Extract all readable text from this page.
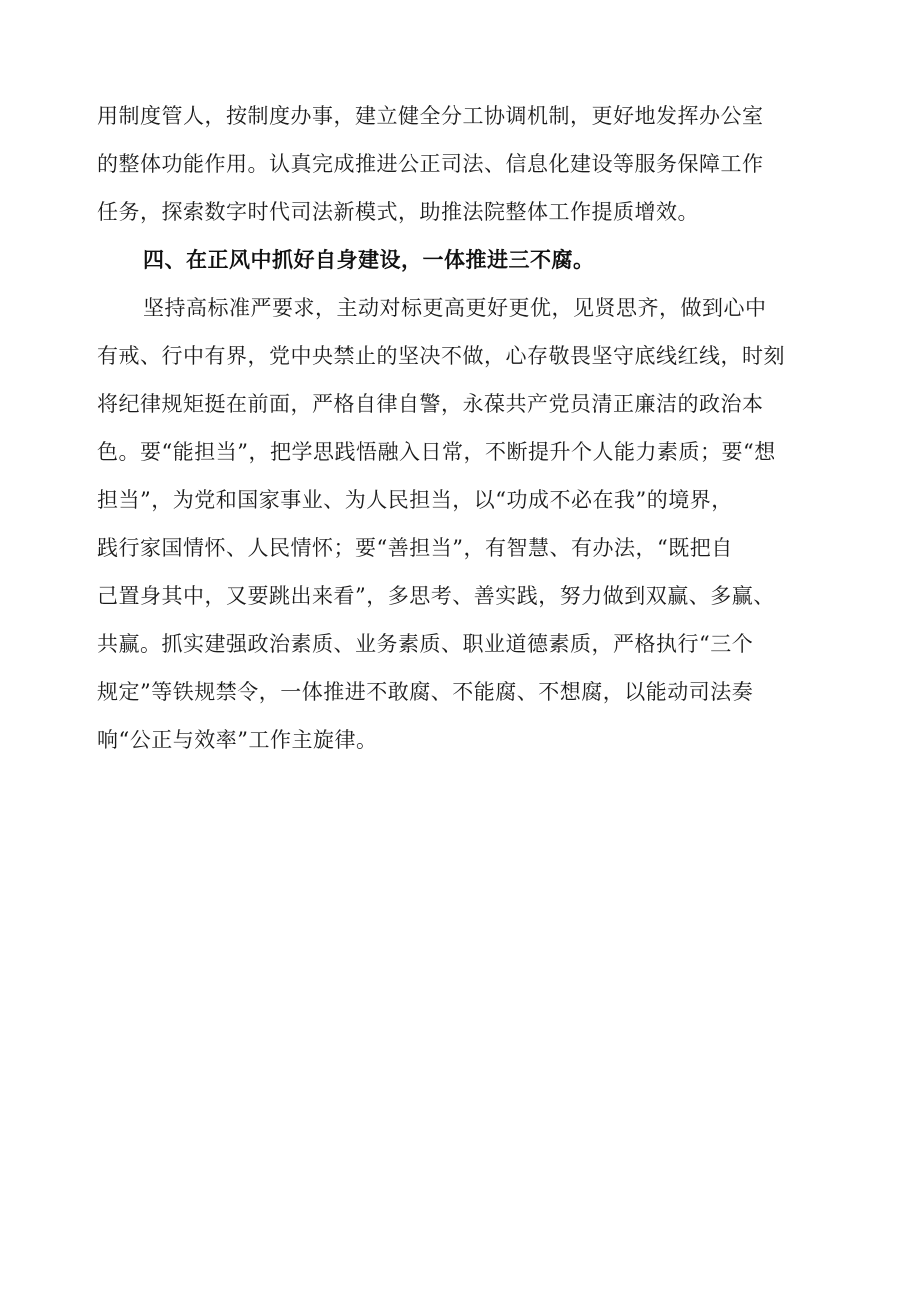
用制度管人，按制度办事，建立健全分工协调机制，更好地发挥办公室
的整体功能作用。认真完成推进公正司法、信息化建设等服务保障工作
任务，探索数字时代司法新模式，助推法院整体工作提质增效。
四、在正风中抓好自身建设，一体推进三不腐。
坚持高标准严要求，主动对标更高更好更优，见贤思齐，做到心中
有戒、行中有界，党中央禁止的坚决不做，心存敬畏坚守底线红线，时刻
将纪律规矩挺在前面，严格自律自警，永葆共产党员清正廉洁的政治本
色。要“能担当”，把学思践悟融入日常，不断提升个人能力素质；要“想
担当”，为党和国家事业、为人民担当，以“功成不必在我”的境界，
践行家国情怀、人民情怀；要“善担当”，有智慧、有办法，“既把自
己置身其中，又要跳出来看”，多思考、善实践，努力做到双赢、多赢、
共赢。抓实建强政治素质、业务素质、职业道德素质，严格执行“三个
规定”等铁规禁令，一体推进不敢腐、不能腐、不想腐，以能动司法奏
响“公正与效率”工作主旋律。
